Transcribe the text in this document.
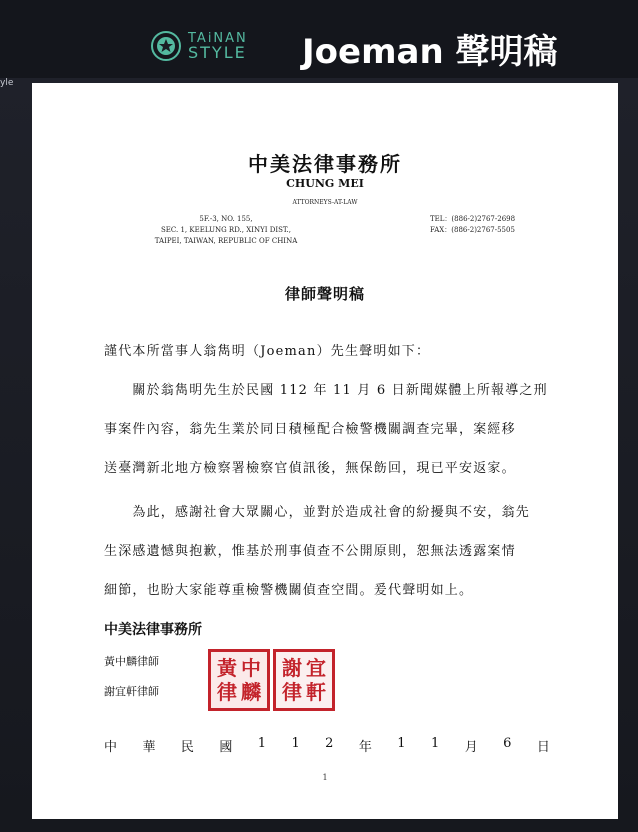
yle
TAiNAN
STYLE Joeman 聲明稿
中美法律事務所
CHUNG MEI
ATTORNEYS-AT-LAW
5F.-3, NO. 155,
SEC. 1, KEELUNG RD., XINYI DIST.,
TAIPEI, TAIWAN, REPUBLIC OF CHINA
TEL：(886-2)2767-2698
FAX：(886-2)2767-5505
律師聲明稿
謹代本所當事人翁雋明（Joeman）先生聲明如下：
　　關於翁雋明先生於民國 112 年 11 月 6 日新聞媒體上所報導之刑
事案件內容，翁先生業於同日積極配合檢警機關調查完畢，案經移
送臺灣新北地方檢察署檢察官偵訊後，無保飭回，現已平安返家。
　　為此，感謝社會大眾關心，並對於造成社會的紛擾與不安，翁先
生深感遺憾與抱歉，惟基於刑事偵查不公開原則，恕無法透露案情
細節，也盼大家能尊重檢警機關偵查空間。爰代聲明如上。
中美法律事務所
黃中麟律師
謝宜軒律師
黃 中
律 麟
謝 宜
律 軒
中 華 民 國 1 1 2 年 1 1 月 6 日
1
